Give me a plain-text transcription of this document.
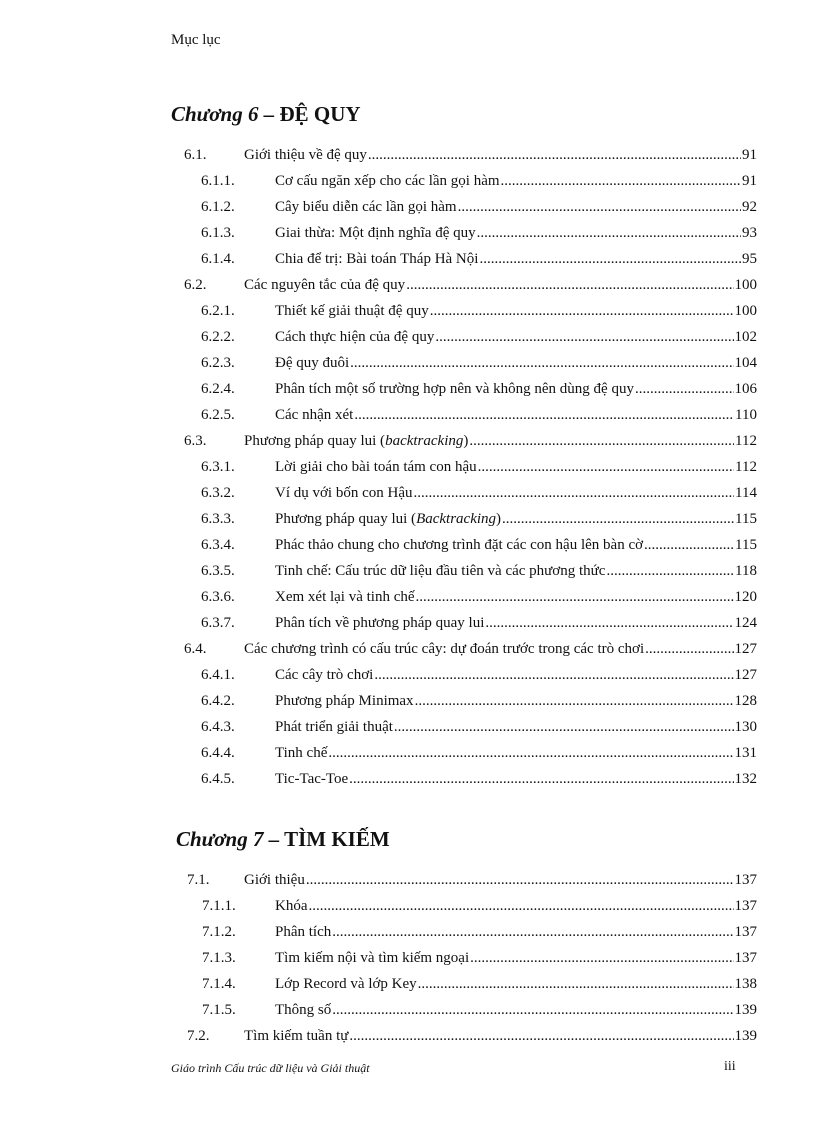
Mục lục
Chương 6 – ĐỆ QUY
6.1.	Giới thiệu về đệ quy .....	91
6.1.1.	Cơ cấu ngăn xếp cho các lần gọi hàm .....	91
6.1.2.	Cây biểu diễn các lần gọi hàm .....	92
6.1.3.	Giai thừa: Một định nghĩa đệ quy .....	93
6.1.4.	Chia để trị: Bài toán Tháp Hà Nội .....	95
6.2.	Các nguyên tắc của đệ quy .....	100
6.2.1.	Thiết kế giải thuật đệ quy .....	100
6.2.2.	Cách thực hiện của đệ quy .....	102
6.2.3.	Đệ quy đuôi .....	104
6.2.4.	Phân tích một số trường hợp nên và không nên dùng đệ quy .....	106
6.2.5.	Các nhận xét .....	110
6.3.	Phương pháp quay lui (backtracking) .....	112
6.3.1.	Lời giải cho bài toán tám con hậu .....	112
6.3.2.	Ví dụ với bốn con Hậu .....	114
6.3.3.	Phương pháp quay lui (Backtracking) .....	115
6.3.4.	Phác thảo chung cho chương trình đặt các con hậu lên bàn cờ .....	115
6.3.5.	Tinh chế: Cấu trúc dữ liệu đầu tiên và các phương thức .....	118
6.3.6.	Xem xét lại và tinh chế .....	120
6.3.7.	Phân tích về phương pháp quay lui .....	124
6.4.	Các chương trình có cấu trúc cây: dự đoán trước trong các trò chơi .....	127
6.4.1.	Các cây trò chơi .....	127
6.4.2.	Phương pháp Minimax .....	128
6.4.3.	Phát triển giải thuật .....	130
6.4.4.	Tinh chế .....	131
6.4.5.	Tic-Tac-Toe .....	132
Chương 7 – TÌM KIẾM
7.1. Giới thiệu .....	137
7.1.1.	Khóa .....	137
7.1.2.	Phân tích .....	137
7.1.3.	Tìm kiếm nội và tìm kiếm ngoại .....	137
7.1.4.	Lớp Record và lớp Key .....	138
7.1.5.	Thông số .....	139
7.2. Tìm kiếm tuần tự .....	139
Giáo trình Cấu trúc dữ liệu và Giải thuật	iii
